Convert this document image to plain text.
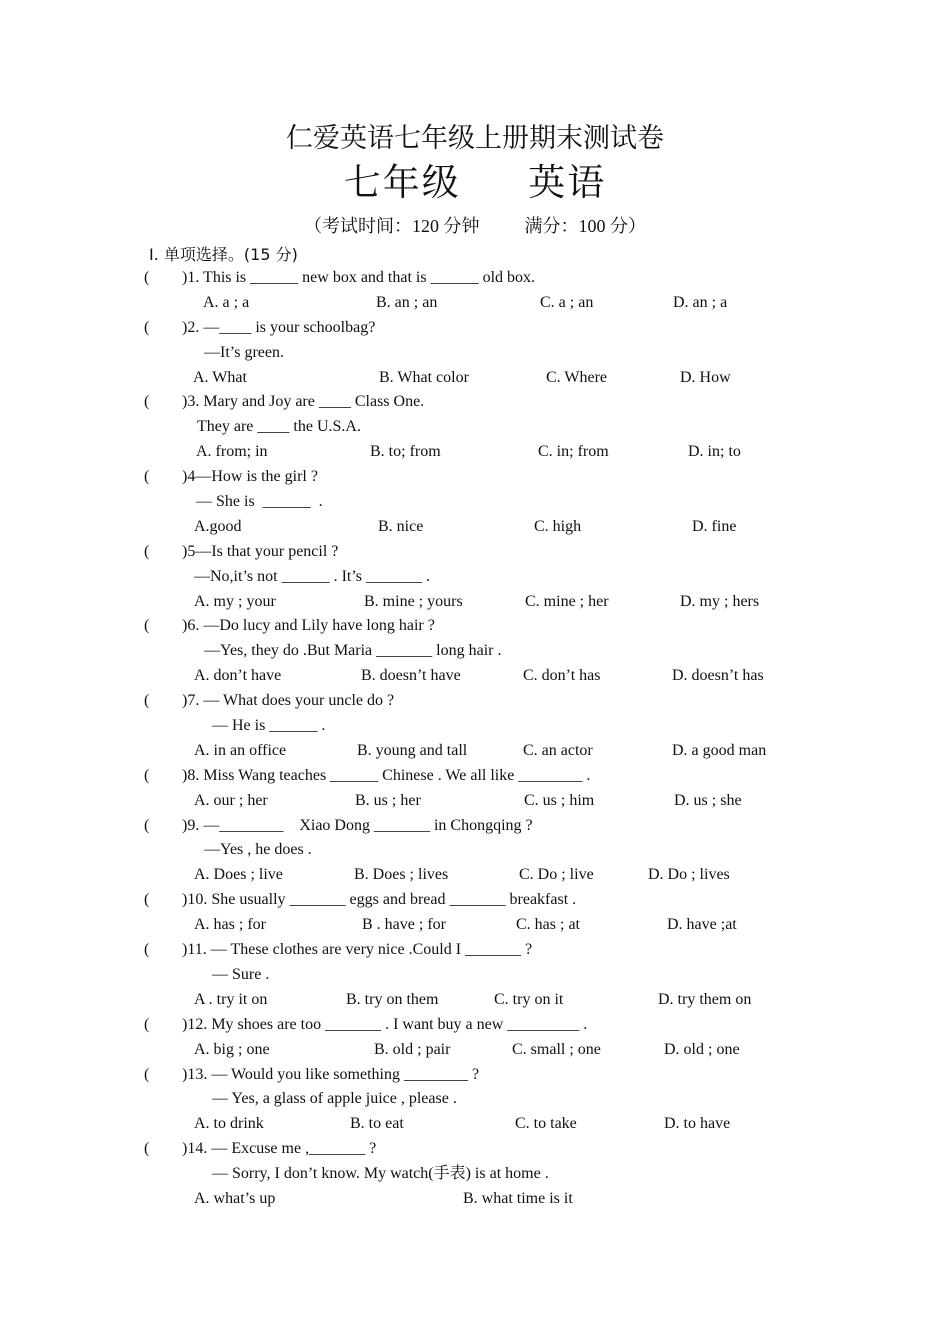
仁爱英语七年级上册期末测试卷
七年级      英语
（考试时间：120 分钟          满分：100 分）
Ⅰ. 单项选择。(15 分)
( )1. This is ______ new box and that is ______ old box.
A. a ; a	B. an ; an	C. a ; an	D. an ; a
( )2. —____ is your schoolbag?
—It’s green.
A. What	B. What color	C. Where	D. How
( )3. Mary and Joy are ____ Class One.
They are ____ the U.S.A.
A. from; in	B. to; from	C. in; from	D. in; to
( )4—How is the girl ?
— She is  ______  .
A.good	B. nice	C. high	D. fine
( )5—Is that your pencil ?
—No,it’s not ______ . It’s _______ .
A. my ; your	B. mine ; yours	C. mine ; her	D. my ; hers
( )6. —Do lucy and Lily have long hair ?
—Yes, they do .But Maria _______ long hair .
A. don’t have	B. doesn’t have	C. don’t has	D. doesn’t has
( )7. — What does your uncle do ?
— He is ______ .
A. in an office	B. young and tall	C. an actor	D. a good man
( )8. Miss Wang teaches ______ Chinese . We all like ________ .
A. our ; her	B. us ; her	C. us ; him	D. us ; she
( )9. —________    Xiao Dong _______ in Chongqing ?
—Yes , he does .
A. Does ; live	B. Does ; lives	C. Do ; live	D. Do ; lives
( )10. She usually _______ eggs and bread _______ breakfast .
A. has ; for	B . have ; for	C. has ; at	D. have ;at
( )11. — These clothes are very nice .Could I _______ ?
— Sure .
A . try it on	B. try on them	C. try on it	D. try them on
( )12. My shoes are too _______ . I want buy a new _________ .
A. big ; one	B. old ; pair	C. small ; one	D. old ; one
( )13. — Would you like something ________ ?
— Yes, a glass of apple juice , please .
A. to drink	B. to eat	C. to take	D. to have
( )14. — Excuse me ,_______ ?
— Sorry, I don’t know. My watch(手表) is at home .
A. what’s up	B. what time is it
